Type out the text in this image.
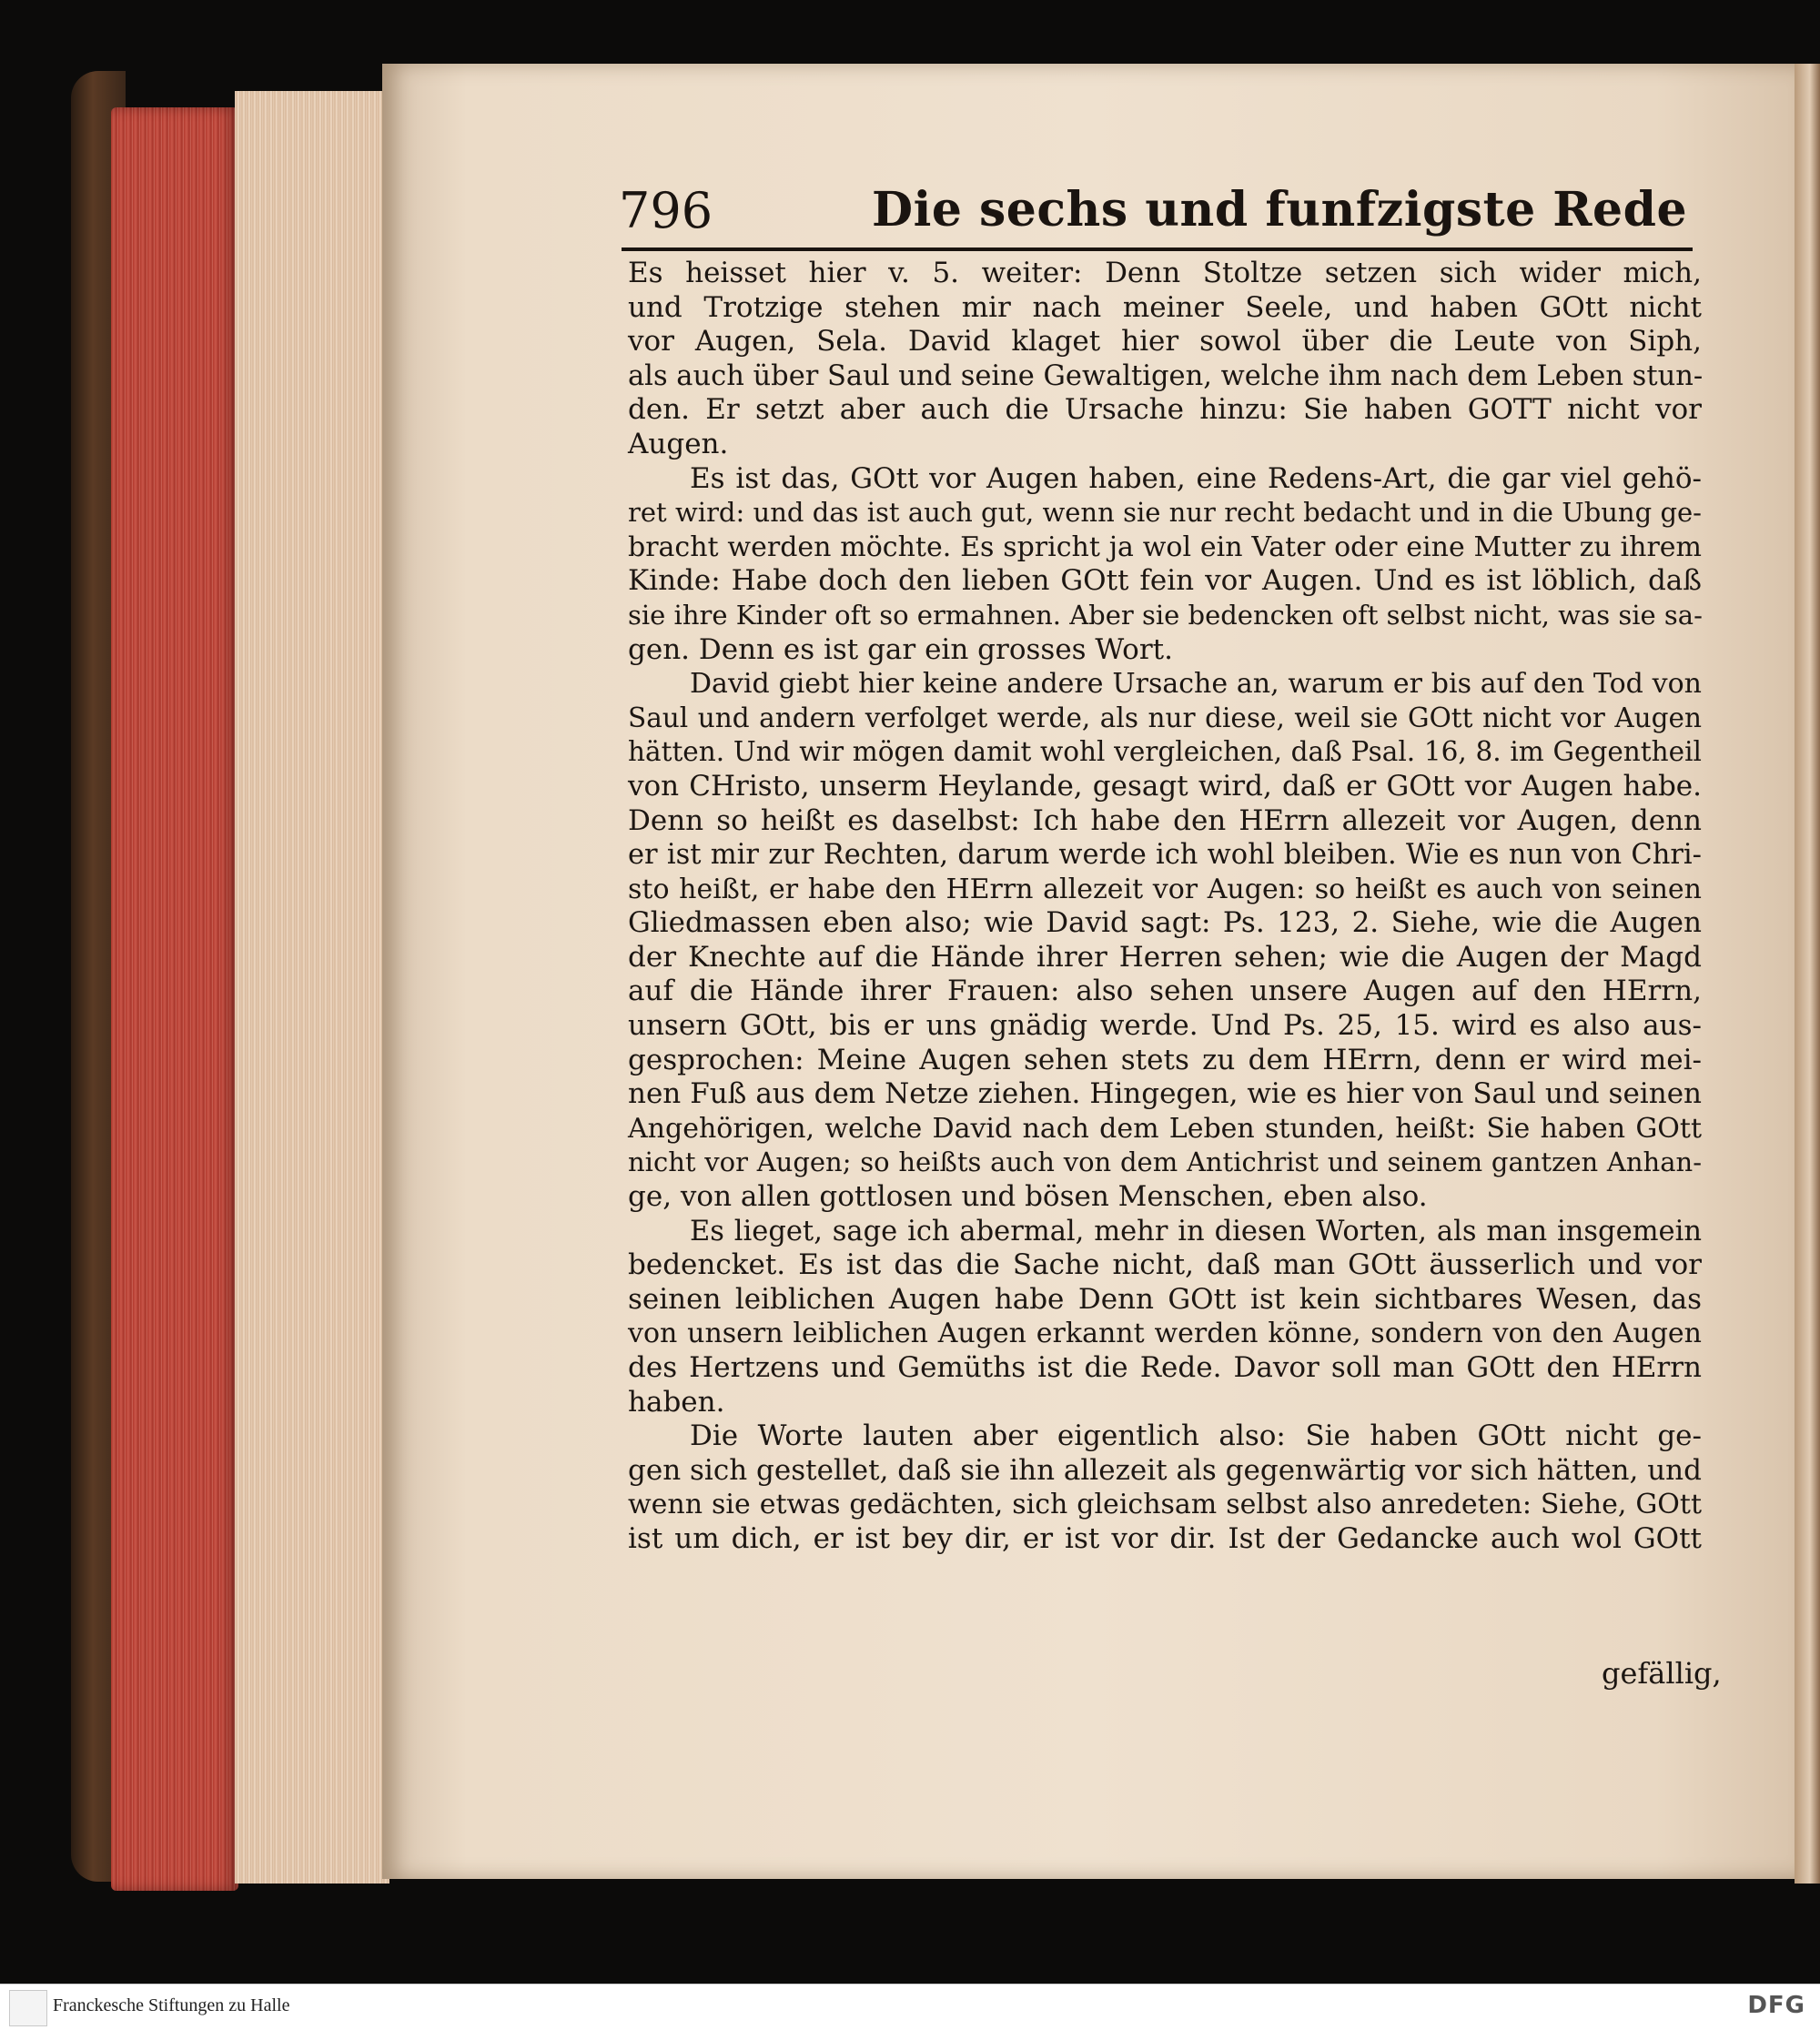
796	Die sechs und funfzigste Rede
Es heisset hier v. 5. weiter: Denn Stoltze setzen sich wider mich,
und Trotzige stehen mir nach meiner Seele, und haben GOtt nicht
vor Augen, Sela. David klaget hier sowol über die Leute von Siph,
als auch über Saul und seine Gewaltigen, welche ihm nach dem Leben stun-
den. Er setzt aber auch die Ursache hinzu: Sie haben GOTT nicht vor
Augen.
Es ist das, GOtt vor Augen haben, eine Redens-Art, die gar viel gehö-
ret wird: und das ist auch gut, wenn sie nur recht bedacht und in die Ubung ge-
bracht werden möchte. Es spricht ja wol ein Vater oder eine Mutter zu ihrem
Kinde: Habe doch den lieben GOtt fein vor Augen. Und es ist löblich, daß
sie ihre Kinder oft so ermahnen. Aber sie bedencken oft selbst nicht, was sie sa-
gen. Denn es ist gar ein grosses Wort.
David giebt hier keine andere Ursache an, warum er bis auf den Tod von
Saul und andern verfolget werde, als nur diese, weil sie GOtt nicht vor Augen
hätten. Und wir mögen damit wohl vergleichen, daß Psal. 16, 8. im Gegentheil
von CHristo, unserm Heylande, gesagt wird, daß er GOtt vor Augen habe.
Denn so heißt es daselbst: Ich habe den HErrn allezeit vor Augen, denn
er ist mir zur Rechten, darum werde ich wohl bleiben. Wie es nun von Chri-
sto heißt, er habe den HErrn allezeit vor Augen: so heißt es auch von seinen
Gliedmassen eben also; wie David sagt: Ps. 123, 2. Siehe, wie die Augen
der Knechte auf die Hände ihrer Herren sehen; wie die Augen der Magd
auf die Hände ihrer Frauen: also sehen unsere Augen auf den HErrn,
unsern GOtt, bis er uns gnädig werde. Und Ps. 25, 15. wird es also aus-
gesprochen: Meine Augen sehen stets zu dem HErrn, denn er wird mei-
nen Fuß aus dem Netze ziehen. Hingegen, wie es hier von Saul und seinen
Angehörigen, welche David nach dem Leben stunden, heißt: Sie haben GOtt
nicht vor Augen; so heißts auch von dem Antichrist und seinem gantzen Anhan-
ge, von allen gottlosen und bösen Menschen, eben also.
Es lieget, sage ich abermal, mehr in diesen Worten, als man insgemein
bedencket. Es ist das die Sache nicht, daß man GOtt äusserlich und vor
seinen leiblichen Augen habe Denn GOtt ist kein sichtbares Wesen, das
von unsern leiblichen Augen erkannt werden könne, sondern von den Augen
des Hertzens und Gemüths ist die Rede. Davor soll man GOtt den HErrn
haben.
Die Worte lauten aber eigentlich also: Sie haben GOtt nicht ge-
gen sich gestellet, daß sie ihn allezeit als gegenwärtig vor sich hätten, und
wenn sie etwas gedächten, sich gleichsam selbst also anredeten: Siehe, GOtt
ist um dich, er ist bey dir, er ist vor dir. Ist der Gedancke auch wol GOtt
gefällig,
Franckesche Stiftungen zu Halle	DFG
